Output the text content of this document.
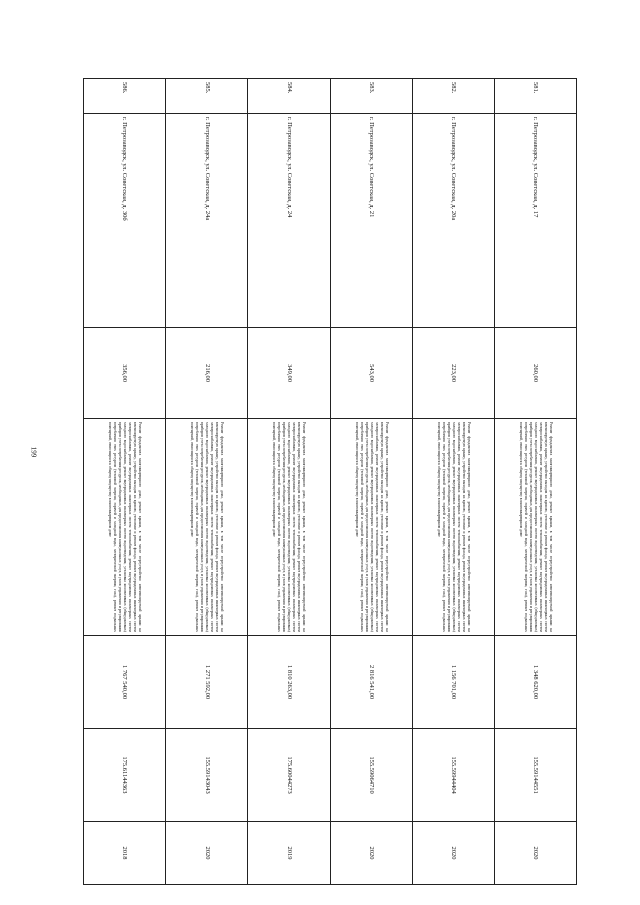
199
581.	г. Петрозаводск, ул. Советская, д. 17	260,00	Ремонт фундамента многоквартирного дома, ремонт крыши, в том числе переустройство невентилируемой крыши на вентилируемую крышу, устройство выходов на кровлю, утепление и ремонт фасада, ремонт внутридомовых инженерных систем электроснабжения, ремонт внутридомовых инженерных систем теплоснабжения, ремонт внутридомовых инженерных систем холодного водоснабжения, ремонт внутридомовых инженерных систем водоотведения, установка коллективных (общедомовых) приборов учета потребления ресурсов, необходимых для предоставления коммунальных услуг, и узлов управления и регулирования потребления этих ресурсов (тепловой энергии, горячей и холодной воды, электрической энергии, газа), ремонт подвальных помещений, относящихся к общему имуществу в многоквартирном доме	1 348 620,00	155.59144551	2020
582.	г. Петрозаводск, ул. Советская, д. 20а	223,00	Ремонт фундамента многоквартирного дома, ремонт крыши, в том числе переустройство невентилируемой крыши на вентилируемую крышу, устройство выходов на кровлю, утепление и ремонт фасада, ремонт внутридомовых инженерных систем электроснабжения, ремонт внутридомовых инженерных систем теплоснабжения, ремонт внутридомовых инженерных систем холодного водоснабжения, ремонт внутридомовых инженерных систем водоотведения, установка коллективных (общедомовых) приборов учета потребления ресурсов, необходимых для предоставления коммунальных услуг, и узлов управления и регулирования потребления этих ресурсов (тепловой энергии, горячей и холодной воды, электрической энергии, газа), ремонт подвальных помещений, относящихся к общему имуществу в многоквартирном доме	1 156 701,00	155.59944404	2020
583.	г. Петрозаводск, ул. Советская, д. 21	543,00	Ремонт фундамента многоквартирного дома, ремонт крыши, в том числе переустройство невентилируемой крыши на вентилируемую крышу, устройство выходов на кровлю, утепление и ремонт фасада, ремонт внутридомовых инженерных систем электроснабжения, ремонт внутридомовых инженерных систем теплоснабжения, ремонт внутридомовых инженерных систем холодного водоснабжения, ремонт внутридомовых инженерных систем водоотведения, установка коллективных (общедомовых) приборов учета потребления ресурсов, необходимых для предоставления коммунальных услуг, и узлов управления и регулирования потребления этих ресурсов (тепловой энергии, горячей и холодной воды, электрической энергии, газа), ремонт подвальных помещений, относящихся к общему имуществу в многоквартирном доме	2 816 541,00	155.59064710	2020
584.	г. Петрозаводск, ул. Советская, д. 24	349,00	Ремонт фундамента многоквартирного дома, ремонт крыши, в том числе переустройство невентилируемой крыши на вентилируемую крышу, устройство выходов на кровлю, утепление и ремонт фасада, ремонт внутридомовых инженерных систем электроснабжения, ремонт внутридомовых инженерных систем теплоснабжения, ремонт внутридомовых инженерных систем холодного водоснабжения, ремонт внутридомовых инженерных систем водоотведения, установка коллективных (общедомовых) приборов учета потребления ресурсов, необходимых для предоставления коммунальных услуг, и узлов управления и регулирования потребления этих ресурсов (тепловой энергии, горячей и холодной воды, электрической энергии, газа), ремонт подвальных помещений, относящихся к общему имуществу в многоквартирном доме	1 810 263,00	175.60044273	2019
585.	г. Петрозаводск, ул. Советская, д. 24а	216,00	Ремонт фундамента многоквартирного дома, ремонт крыши, в том числе переустройство невентилируемой крыши на вентилируемую крышу, устройство выходов на кровлю, утепление и ремонт фасада, ремонт внутридомовых инженерных систем электроснабжения, ремонт внутридомовых инженерных систем теплоснабжения, ремонт внутридомовых инженерных систем холодного водоснабжения, ремонт внутридомовых инженерных систем водоотведения, установка коллективных (общедомовых) приборов учета потребления ресурсов, необходимых для предоставления коммунальных услуг, и узлов управления и регулирования потребления этих ресурсов (тепловой энергии, горячей и холодной воды, электрической энергии, газа), ремонт подвальных помещений, относящихся к общему имуществу в многоквартирном доме	1 271 592,00	155.59143043	2020
586.	г. Петрозаводск, ул. Советская, д. 30б	356,00	Ремонт фундамента многоквартирного дома, ремонт крыши, в том числе переустройство невентилируемой крыши на вентилируемую крышу, устройство выходов на кровлю, утепление и ремонт фасада, ремонт внутридомовых инженерных систем электроснабжения, ремонт внутридомовых инженерных систем теплоснабжения, ремонт внутридомовых инженерных систем холодного водоснабжения, ремонт внутридомовых инженерных систем водоотведения, установка коллективных (общедомовых) приборов учета потребления ресурсов, необходимых для предоставления коммунальных услуг, и узлов управления и регулирования потребления этих ресурсов (тепловой энергии, горячей и холодной воды, электрической энергии, газа), ремонт подвальных помещений, относящихся к общему имуществу в многоквартирном доме	1 767 540,00	175.61144363	2018
